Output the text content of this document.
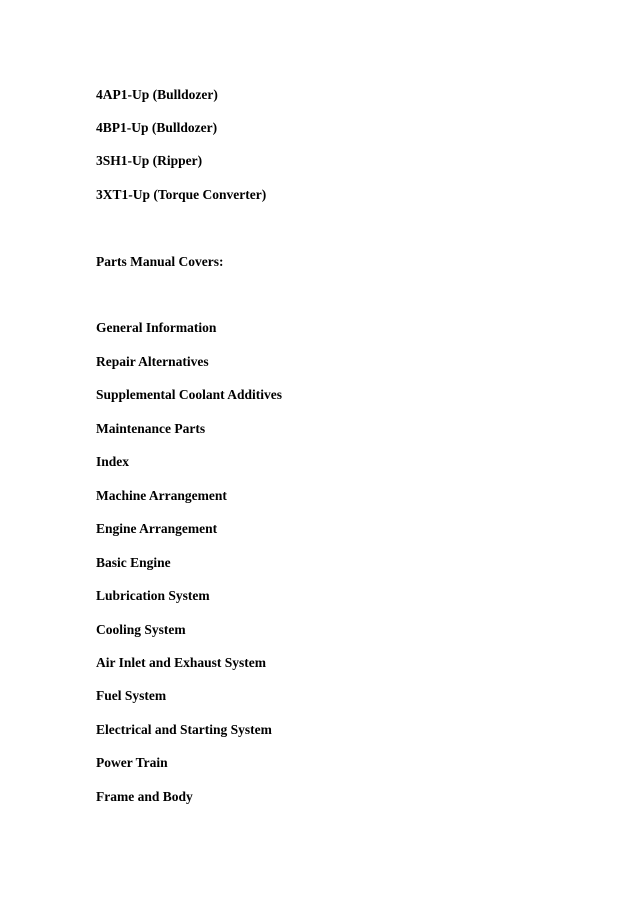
4AP1-Up (Bulldozer)
4BP1-Up (Bulldozer)
3SH1-Up (Ripper)
3XT1-Up (Torque Converter)
Parts Manual Covers:
General Information
Repair Alternatives
Supplemental Coolant Additives
Maintenance Parts
Index
Machine Arrangement
Engine Arrangement
Basic Engine
Lubrication System
Cooling System
Air Inlet and Exhaust System
Fuel System
Electrical and Starting System
Power Train
Frame and Body
